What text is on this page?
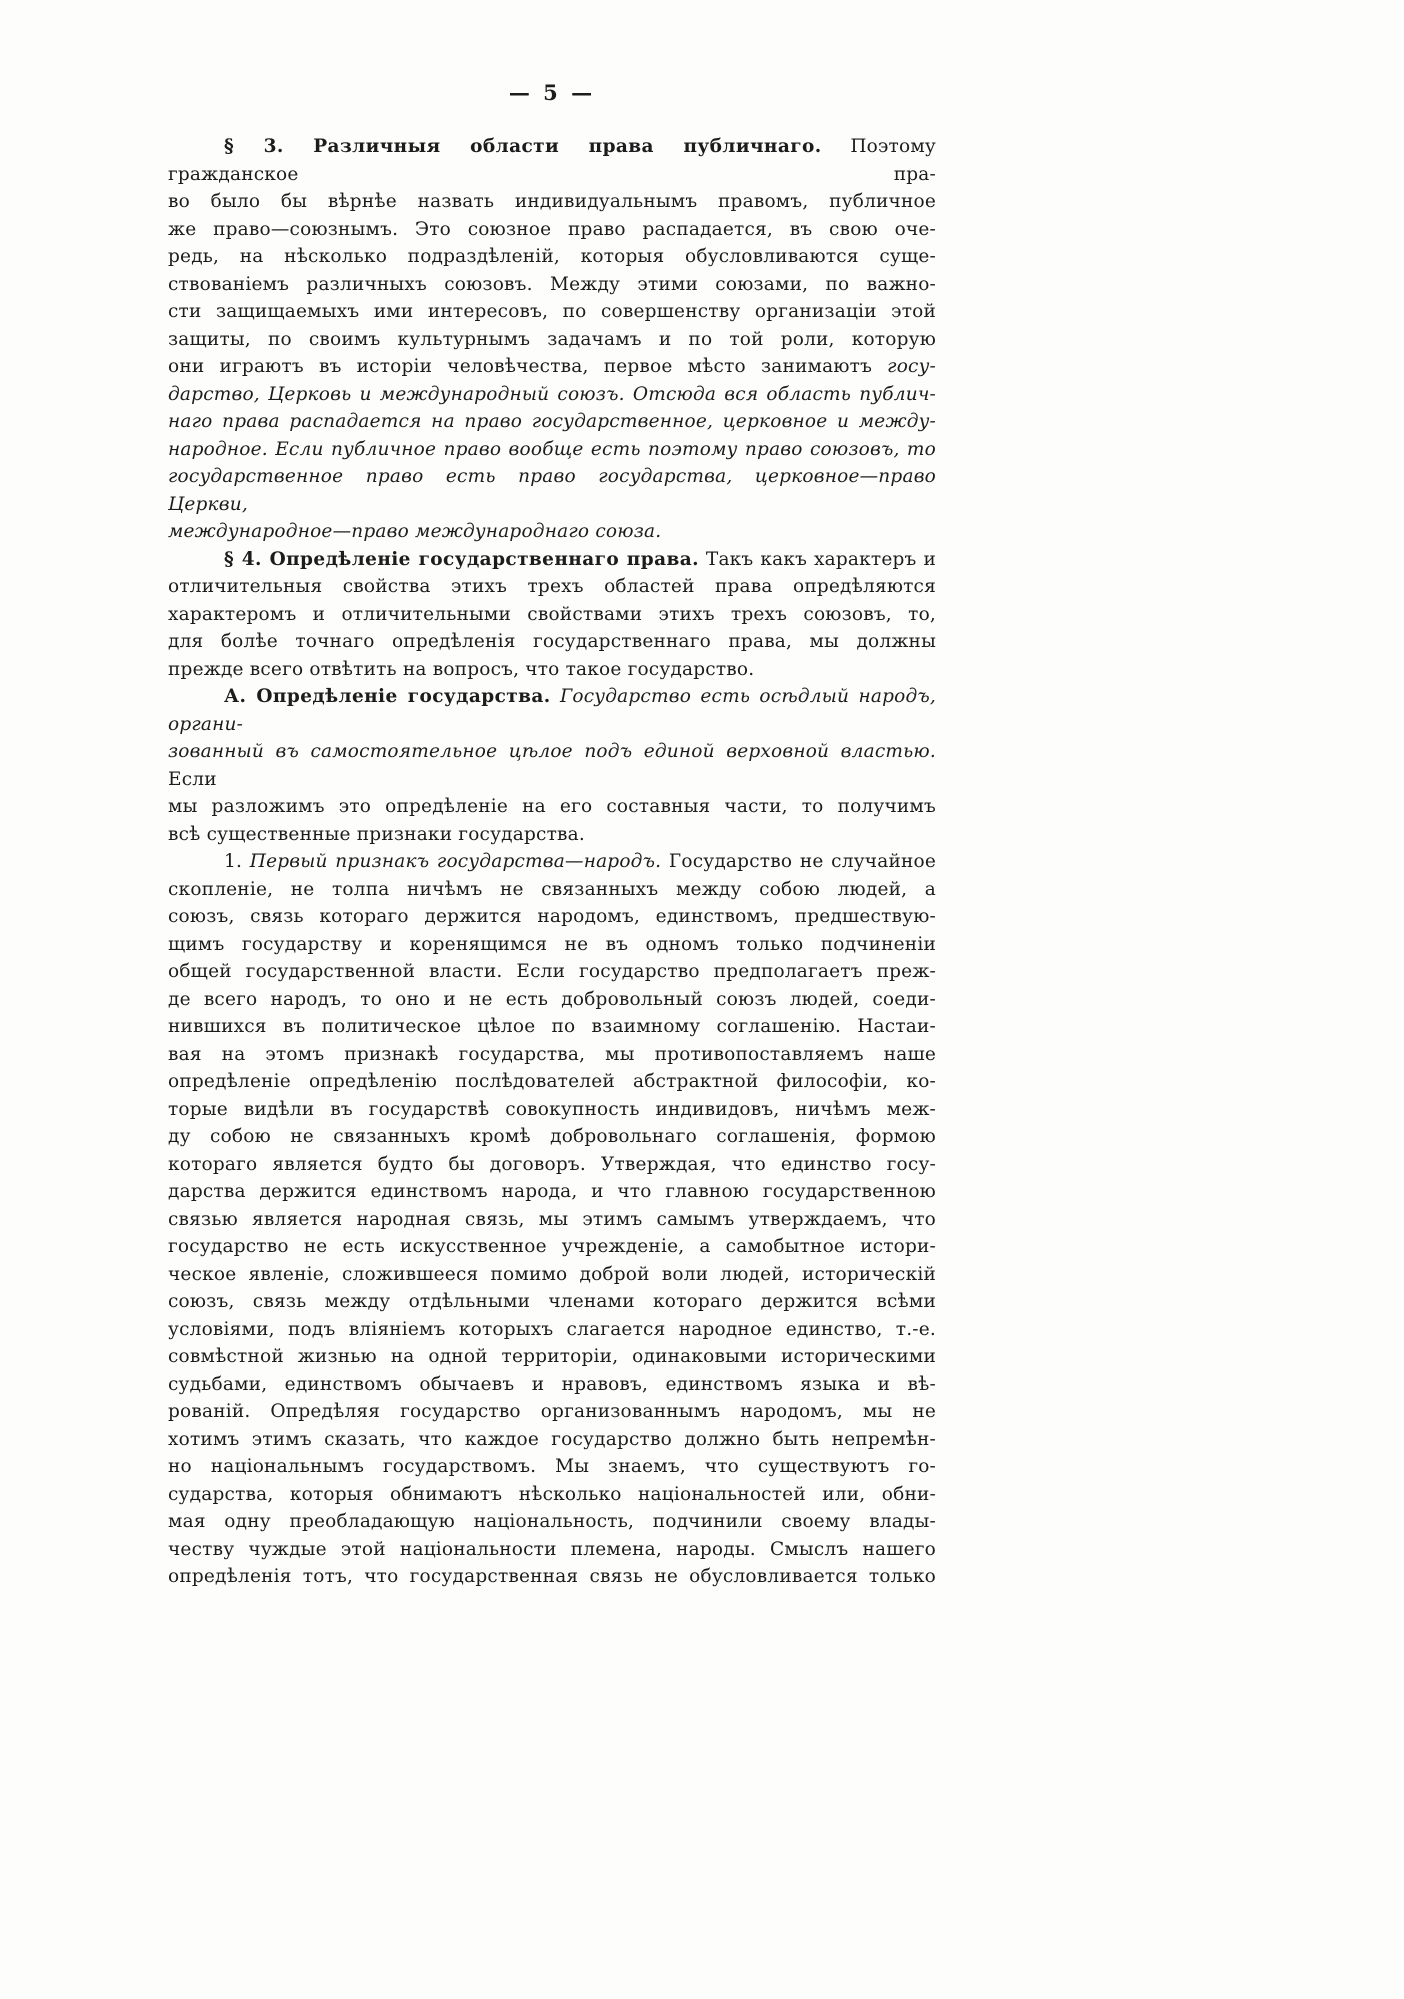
— 5 —
§ 3. Различныя области права публичнаго. Поэтому гражданское пра-
во было бы вѣрнѣе назвать индивидуальнымъ правомъ, публичное
же право—союзнымъ. Это союзное право распадается, въ свою оче-
редь, на нѣсколько подраздѣленій, которыя обусловливаются суще-
ствованіемъ различныхъ союзовъ. Между этими союзами, по важно-
сти защищаемыхъ ими интересовъ, по совершенству организаціи этой
защиты, по своимъ культурнымъ задачамъ и по той роли, которую
они играютъ въ исторіи человѣчества, первое мѣсто занимаютъ госу-
дарство, Церковь и международный союзъ. Отсюда вся область публич-
наго права распадается на право государственное, церковное и между-
народное. Если публичное право вообще есть поэтому право союзовъ, то
государственное право есть право государства, церковное—право Церкви,
международное—право международнаго союза.
§ 4. Опредѣленіе государственнаго права. Такъ какъ характеръ и
отличительныя свойства этихъ трехъ областей права опредѣляются
характеромъ и отличительными свойствами этихъ трехъ союзовъ, то,
для болѣе точнаго опредѣленія государственнаго права, мы должны
прежде всего отвѣтить на вопросъ, что такое государство.
А. Опредѣленіе государства. Государство есть осѣдлый народъ, органи-
зованный въ самостоятельное цѣлое подъ единой верховной властью. Если
мы разложимъ это опредѣленіе на его составныя части, то получимъ
всѣ существенные признаки государства.
1. Первый признакъ государства—народъ. Государство не случайное
скопленіе, не толпа ничѣмъ не связанныхъ между собою людей, а
союзъ, связь котораго держится народомъ, единствомъ, предшествую-
щимъ государству и коренящимся не въ одномъ только подчиненіи
общей государственной власти. Если государство предполагаетъ преж-
де всего народъ, то оно и не есть добровольный союзъ людей, соеди-
нившихся въ политическое цѣлое по взаимному соглашенію. Настаи-
вая на этомъ признакѣ государства, мы противопоставляемъ наше
опредѣленіе опредѣленію послѣдователей абстрактной философіи, ко-
торые видѣли въ государствѣ совокупность индивидовъ, ничѣмъ меж-
ду собою не связанныхъ кромѣ добровольнаго соглашенія, формою
котораго является будто бы договоръ. Утверждая, что единство госу-
дарства держится единствомъ народа, и что главною государственною
связью является народная связь, мы этимъ самымъ утверждаемъ, что
государство не есть искусственное учрежденіе, а самобытное истори-
ческое явленіе, сложившееся помимо доброй воли людей, историческій
союзъ, связь между отдѣльными членами котораго держится всѣми
условіями, подъ вліяніемъ которыхъ слагается народное единство, т.-е.
совмѣстной жизнью на одной территоріи, одинаковыми историческими
судьбами, единствомъ обычаевъ и нравовъ, единствомъ языка и вѣ-
рованій. Опредѣляя государство организованнымъ народомъ, мы не
хотимъ этимъ сказать, что каждое государство должно быть непремѣн-
но національнымъ государствомъ. Мы знаемъ, что существуютъ го-
сударства, которыя обнимаютъ нѣсколько національностей или, обни-
мая одну преобладающую національность, подчинили своему влады-
честву чуждые этой національности племена, народы. Смыслъ нашего
опредѣленія тотъ, что государственная связь не обусловливается только
